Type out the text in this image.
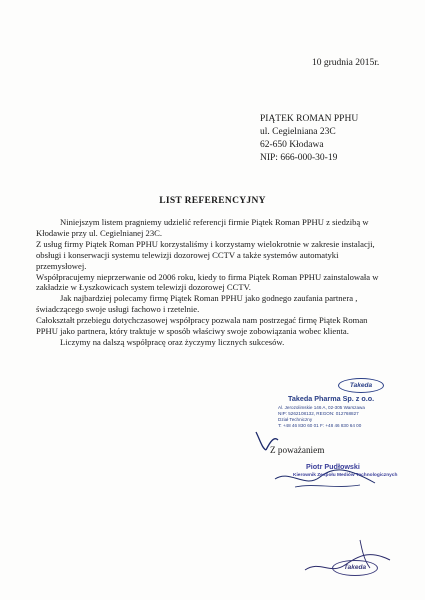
10 grudnia 2015r.
PIĄTEK ROMAN PPHU
ul. Cegielniana 23C
62-650 Kłodawa
NIP: 666-000-30-19
LIST REFERENCYJNY

Niniejszym listem pragniemy udzielić referencji firmie Piątek Roman PPHU z siedzibą w Kłodawie przy ul. Cegielnianej 23C.

Z usług firmy Piątek Roman PPHU korzystaliśmy i korzystamy wielokrotnie w zakresie instalacji, obsługi i konserwacji systemu telewizji dozorowej CCTV a także systemów automatyki przemysłowej.

Współpracujemy nieprzerwanie od 2006 roku, kiedy to firma Piątek Roman PPHU zainstalowała w zakładzie w Łyszkowicach system telewizji dozorowej CCTV.

Jak najbardziej polecamy firmę Piątek Roman PPHU jako godnego zaufania partnera , świadczącego swoje usługi fachowo i rzetelnie.

Całokształt przebiegu dotychczasowej współpracy pozwala nam postrzegać firmę Piątek Roman PPHU jako partnera, który traktuje w sposób właściwy swoje zobowiązania wobec klienta.

Liczymy na dalszą współpracę oraz życzymy licznych sukcesów.

Takeda
Takeda Pharma Sp. z o.o.
Al. Jerozolimskie 146 A, 02-305 Warszawa
NIP: 5262108132, REGON: 012768827
Dział Techniczny
T: +48 46 830 60 01 F: +48 46 830 64 00
Z poważaniem
Piotr Pudłowski
Kierownik Zespołu Mediów Technologicznych
Takeda
